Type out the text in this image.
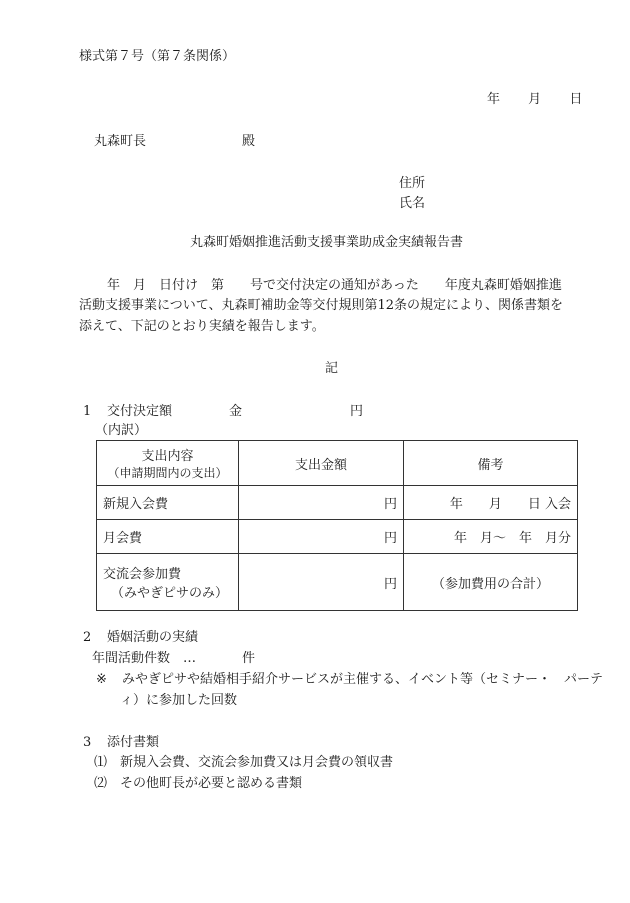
様式第７号（第７条関係）
年 月 日
丸森町長	殿
住所
氏名
丸森町婚姻推進活動支援事業助成金実績報告書
年　月　日付け　第　　号で交付決定の通知があった　　年度丸森町婚姻推進
活動支援事業について、丸森町補助金等交付規則第12条の規定により、関係書類を
添えて、下記のとおり実績を報告します。
記
1 交付決定額	金	円
（内訳）
支出内容
（申請期間内の支出）	支出金額	備考
新規入会費	円	年　　月　　日 入会
月会費	円	年　月～　年　月分

交流会参加費
（みやぎピサのみ）	円	（参加費用の合計）
2 婚姻活動の実績
年間活動件数　…	件
※ みやぎピサや結婚相手紹介サービスが主催する、イベント等（セミナー・　パーテ
ィ）に参加した回数
3 添付書類
⑴ 新規入会費、交流会参加費又は月会費の領収書
⑵ その他町長が必要と認める書類
